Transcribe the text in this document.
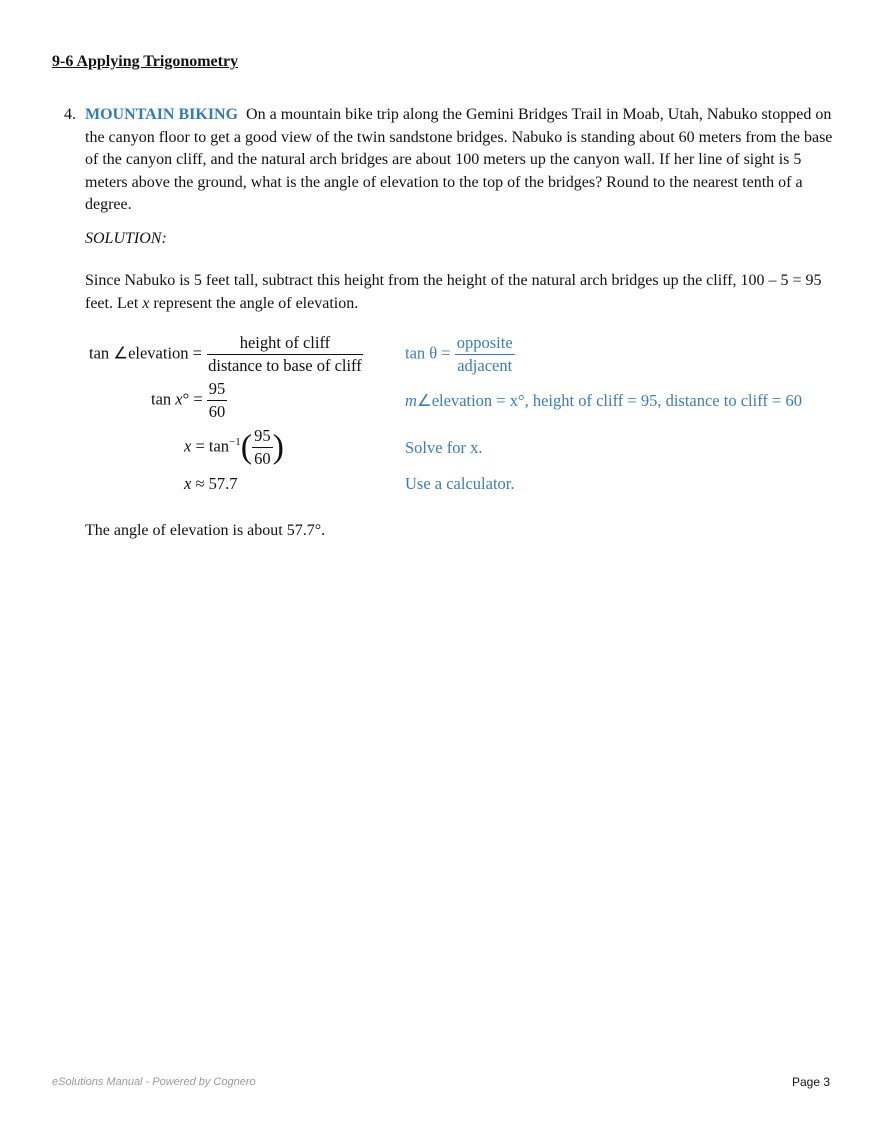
9-6 Applying Trigonometry
4. MOUNTAIN BIKING On a mountain bike trip along the Gemini Bridges Trail in Moab, Utah, Nabuko stopped on the canyon floor to get a good view of the twin sandstone bridges. Nabuko is standing about 60 meters from the base of the canyon cliff, and the natural arch bridges are about 100 meters up the canyon wall. If her line of sight is 5 meters above the ground, what is the angle of elevation to the top of the bridges? Round to the nearest tenth of a degree.
SOLUTION:
Since Nabuko is 5 feet tall, subtract this height from the height of the natural arch bridges up the cliff, 100 – 5 = 95 feet. Let x represent the angle of elevation.
tan ∠elevation = $\frac{\text{height of cliff}}{\text{distance to base of cliff}}$	$\tan \theta = \frac{\text{opposite}}{\text{adjacent}}$
$\tan x^\circ = \frac{95}{60}$	m∠elevation = x°, height of cliff = 95, distance to cliff = 60
$x = \tan^{-1}( \frac{95}{60}$ )	Solve for x.
x ≈ 57.7	Use a calculator.
The angle of elevation is about 57.7°.
eSolutions Manual - Powered by Cognero	Page 3
